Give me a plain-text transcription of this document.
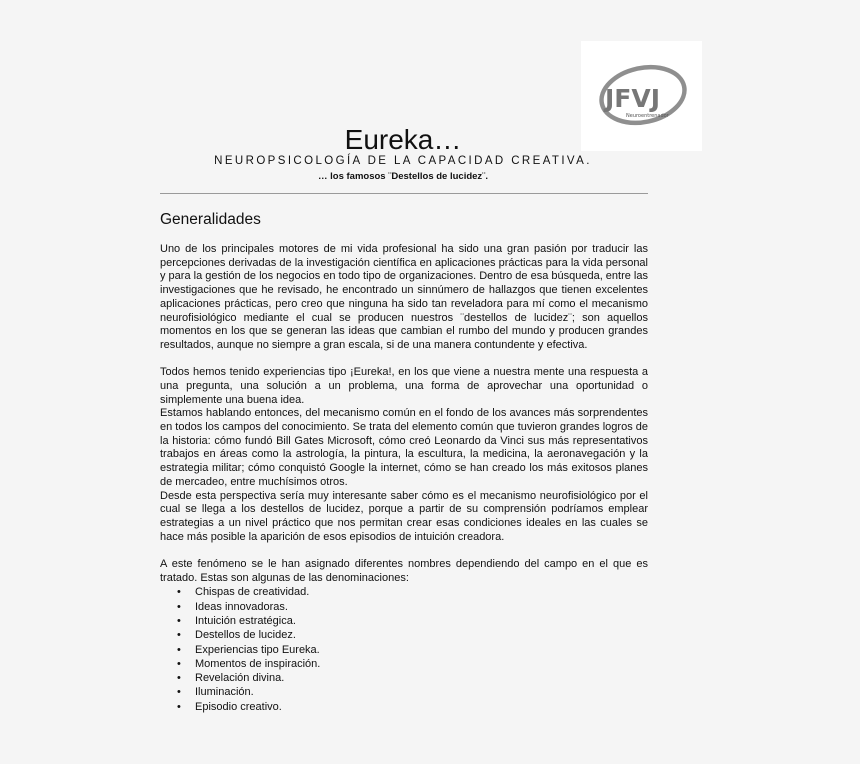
JFVJ
Neuroentrenador
Eureka…
NEUROPSICOLOGÍA DE LA CAPACIDAD CREATIVA.
… los famosos ¨Destellos de lucidez¨.
Generalidades

Uno de los principales motores de mi vida profesional ha sido una gran pasión por traducir las percepciones derivadas de la investigación científica en aplicaciones prácticas para la vida personal y para la gestión de los negocios en todo tipo de organizaciones. Dentro de esa búsqueda, entre las investigaciones que he revisado, he encontrado un sinnúmero de hallazgos que tienen excelentes aplicaciones prácticas, pero creo que ninguna ha sido tan reveladora para mí como el mecanismo neurofisiológico mediante el cual se producen nuestros ¨destellos de lucidez¨; son aquellos momentos en los que se generan las ideas que cambian el rumbo del mundo y producen grandes resultados, aunque no siempre a gran escala, si de una manera contundente y efectiva.

Todos hemos tenido experiencias tipo ¡Eureka!, en los que viene a nuestra mente una respuesta a una pregunta, una solución a un problema, una forma de aprovechar una oportunidad o simplemente una buena idea.

Estamos hablando entonces, del mecanismo común en el fondo de los avances más sorprendentes en todos los campos del conocimiento. Se trata del elemento común que tuvieron grandes logros de la historia: cómo fundó Bill Gates Microsoft, cómo creó Leonardo da Vinci sus más representativos trabajos en áreas como la astrología, la pintura, la escultura, la medicina, la aeronavegación y la estrategia militar; cómo conquistó Google la internet, cómo se han creado los más exitosos planes de mercadeo, entre muchísimos otros.

Desde esta perspectiva sería muy interesante saber cómo es el mecanismo neurofisiológico por el cual se llega a los destellos de lucidez, porque a partir de su comprensión podríamos emplear estrategias a un nivel práctico que nos permitan crear esas condiciones ideales en las cuales se hace más posible la aparición de esos episodios de intuición creadora.

A este fenómeno se le han asignado diferentes nombres dependiendo del campo en el que es tratado. Estas son algunas de las denominaciones:

• Chispas de creatividad.
• Ideas innovadoras.
• Intuición estratégica.
• Destellos de lucidez.
• Experiencias tipo Eureka.
• Momentos de inspiración.
• Revelación divina.
• Iluminación.
• Episodio creativo.
